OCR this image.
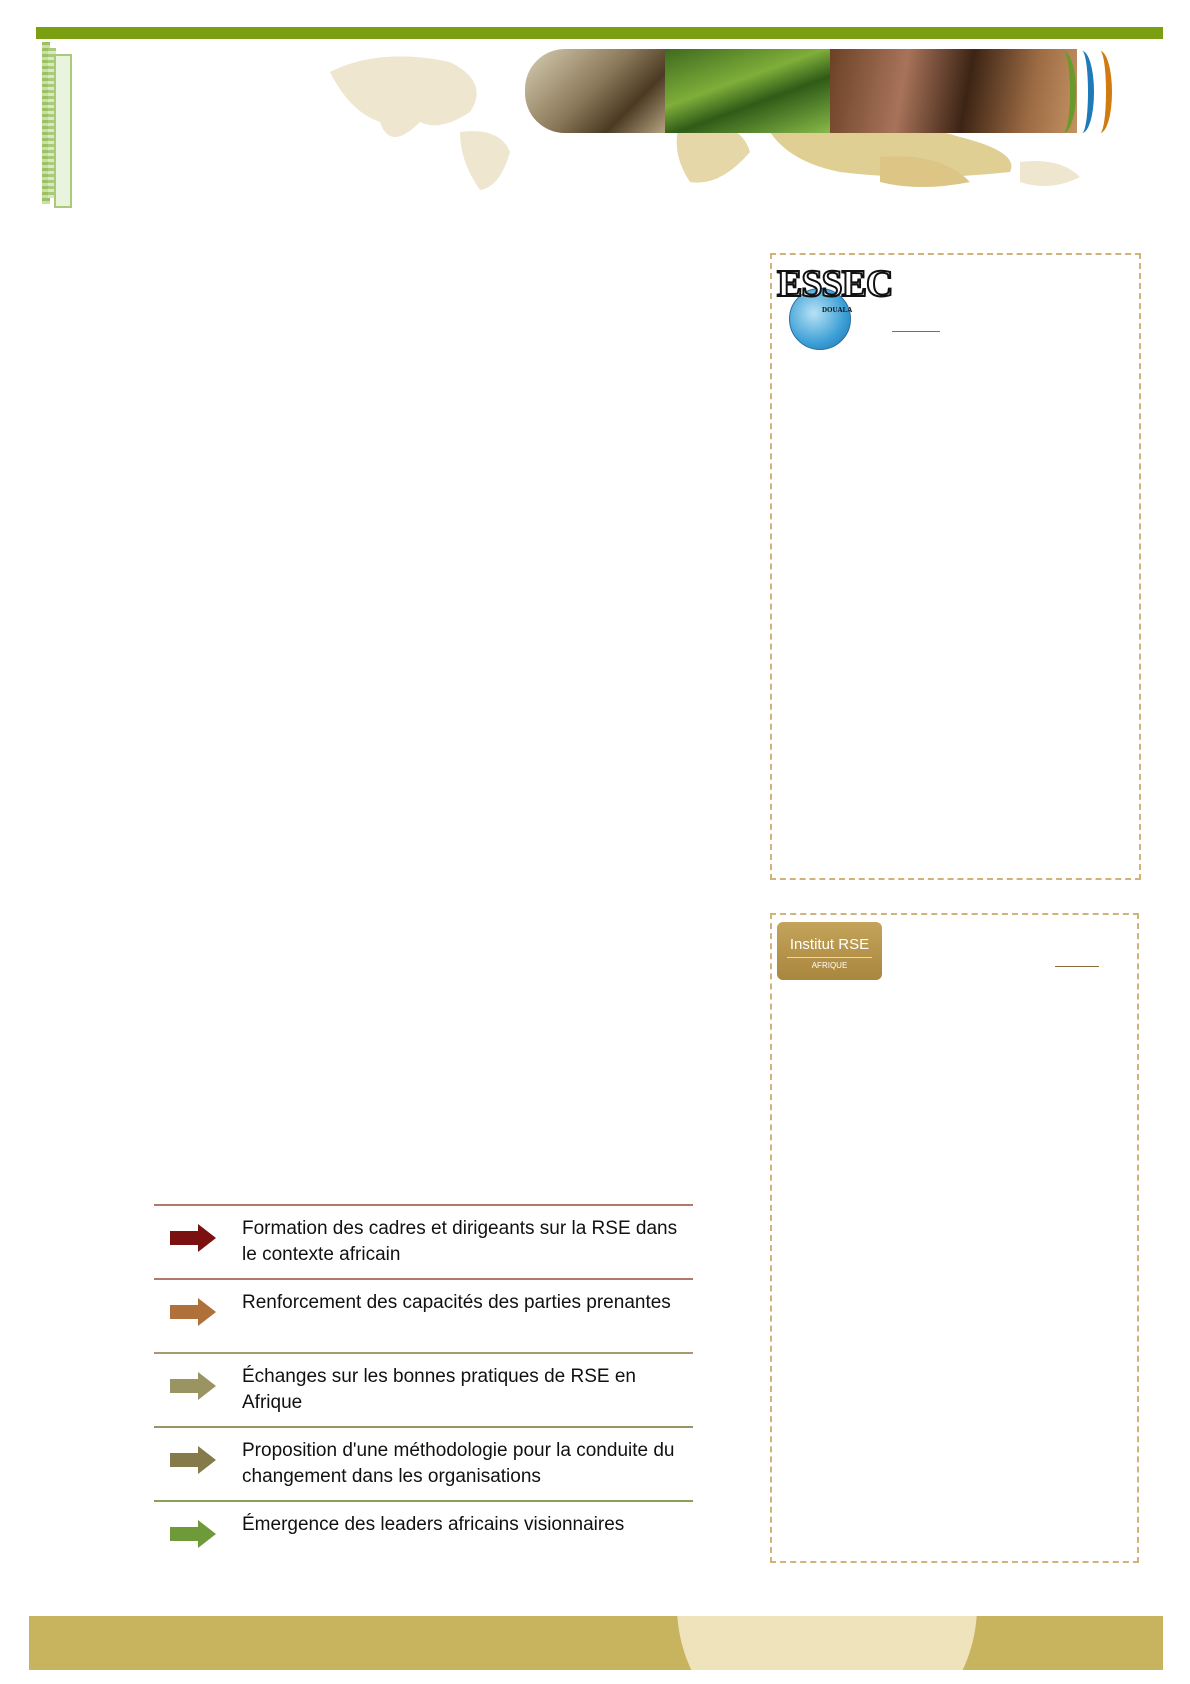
ESSEC
DOUALA
Institut RSE
AFRIQUE
Formation des cadres et dirigeants sur la RSE dans le contexte africain
Renforcement des capacités des parties prenantes
Échanges sur les bonnes pratiques de RSE en Afrique
Proposition d'une méthodologie pour la conduite du changement dans les organisations
Émergence des leaders africains visionnaires
